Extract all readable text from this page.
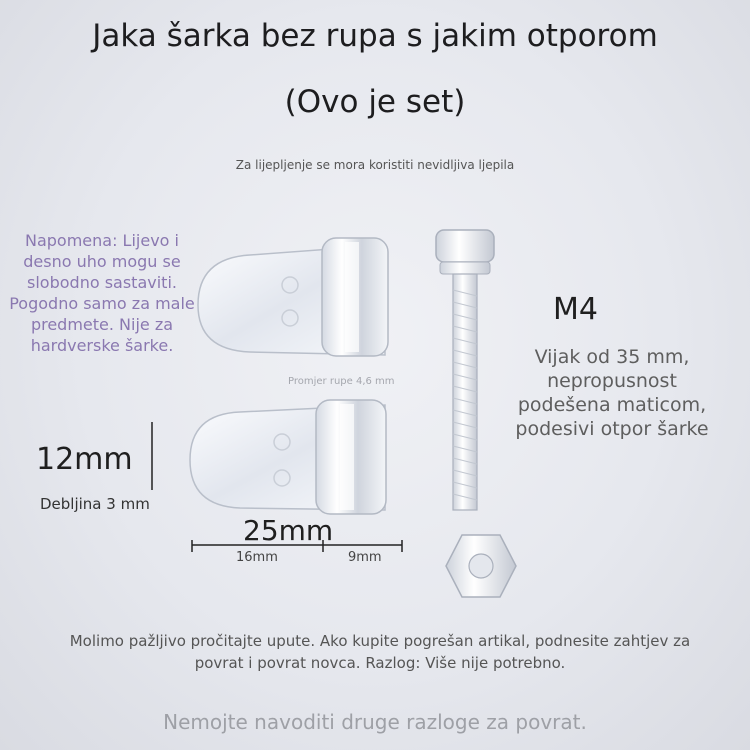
Jaka šarka bez rupa s jakim otporom
(Ovo je set)
Za lijepljenje se mora koristiti nevidljiva ljepila
Napomena: Lijevo i desno uho mogu se slobodno sastaviti. Pogodno samo za male predmete. Nije za hardverske šarke.
Promjer rupe 4,6 mm
M4
Vijak od 35 mm, nepropusnost podešena maticom, podesivi otpor šarke
12mm
Debljina 3 mm
25mm
16mm	9mm
Molimo pažljivo pročitajte upute. Ako kupite pogrešan artikal, podnesite zahtjev za povrat i povrat novca. Razlog: Više nije potrebno.
Nemojte navoditi druge razloge za povrat.
